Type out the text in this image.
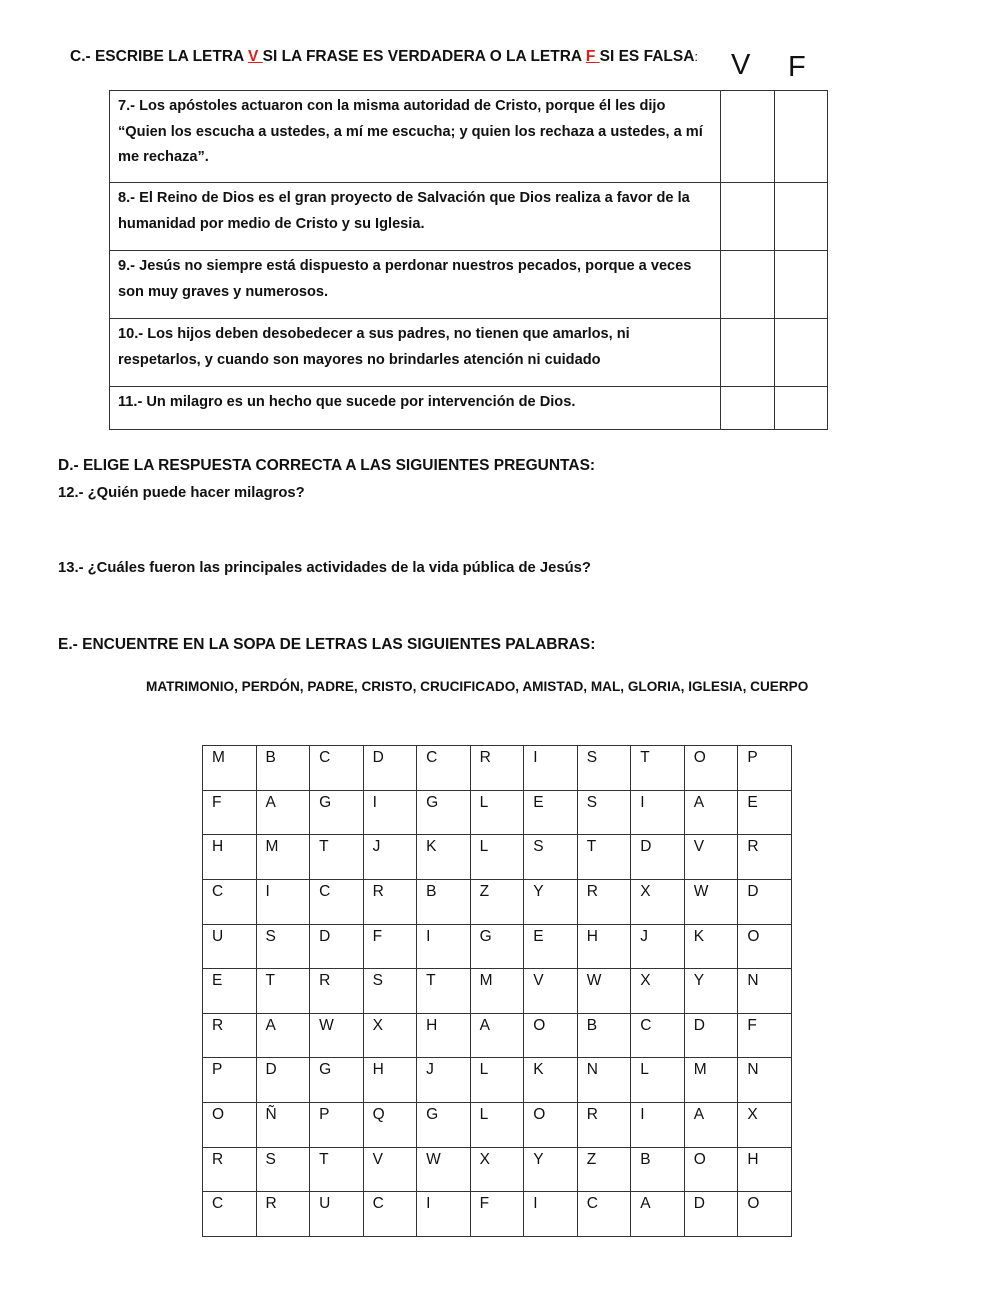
C.- ESCRIBE LA LETRA V SI LA FRASE ES VERDADERA O LA LETRA F SI ES FALSA: V F
7.- Los apóstoles actuaron con la misma autoridad de Cristo, porque él les dijo “Quien los escucha a ustedes, a mí me escucha; y quien los rechaza a ustedes, a mí me rechaza”.		
8.- El Reino de Dios es el gran proyecto de Salvación que Dios realiza a favor de la humanidad por medio de Cristo y su Iglesia.		
9.- Jesús no siempre está dispuesto a perdonar nuestros pecados, porque a veces son muy graves y numerosos.		
10.- Los hijos deben desobedecer a sus padres, no tienen que amarlos, ni respetarlos, y cuando son mayores no brindarles atención ni cuidado		
11.- Un milagro es un hecho que sucede por intervención de Dios.		
D.- ELIGE LA RESPUESTA CORRECTA A LAS SIGUIENTES PREGUNTAS:
12.- ¿Quién puede hacer milagros?
13.- ¿Cuáles fueron las principales actividades de la vida pública de Jesús?
E.- ENCUENTRE EN LA SOPA DE LETRAS LAS SIGUIENTES PALABRAS:
MATRIMONIO, PERDÓN, PADRE, CRISTO, CRUCIFICADO, AMISTAD, MAL, GLORIA, IGLESIA, CUERPO
M	B	C	D	C	R	I	S	T	O	P
F	A	G	I	G	L	E	S	I	A	E
H	M	T	J	K	L	S	T	D	V	R
C	I	C	R	B	Z	Y	R	X	W	D
U	S	D	F	I	G	E	H	J	K	O
E	T	R	S	T	M	V	W	X	Y	N
R	A	W	X	H	A	O	B	C	D	F
P	D	G	H	J	L	K	N	L	M	N
O	Ñ	P	Q	G	L	O	R	I	A	X
R	S	T	V	W	X	Y	Z	B	O	H
C	R	U	C	I	F	I	C	A	D	O
